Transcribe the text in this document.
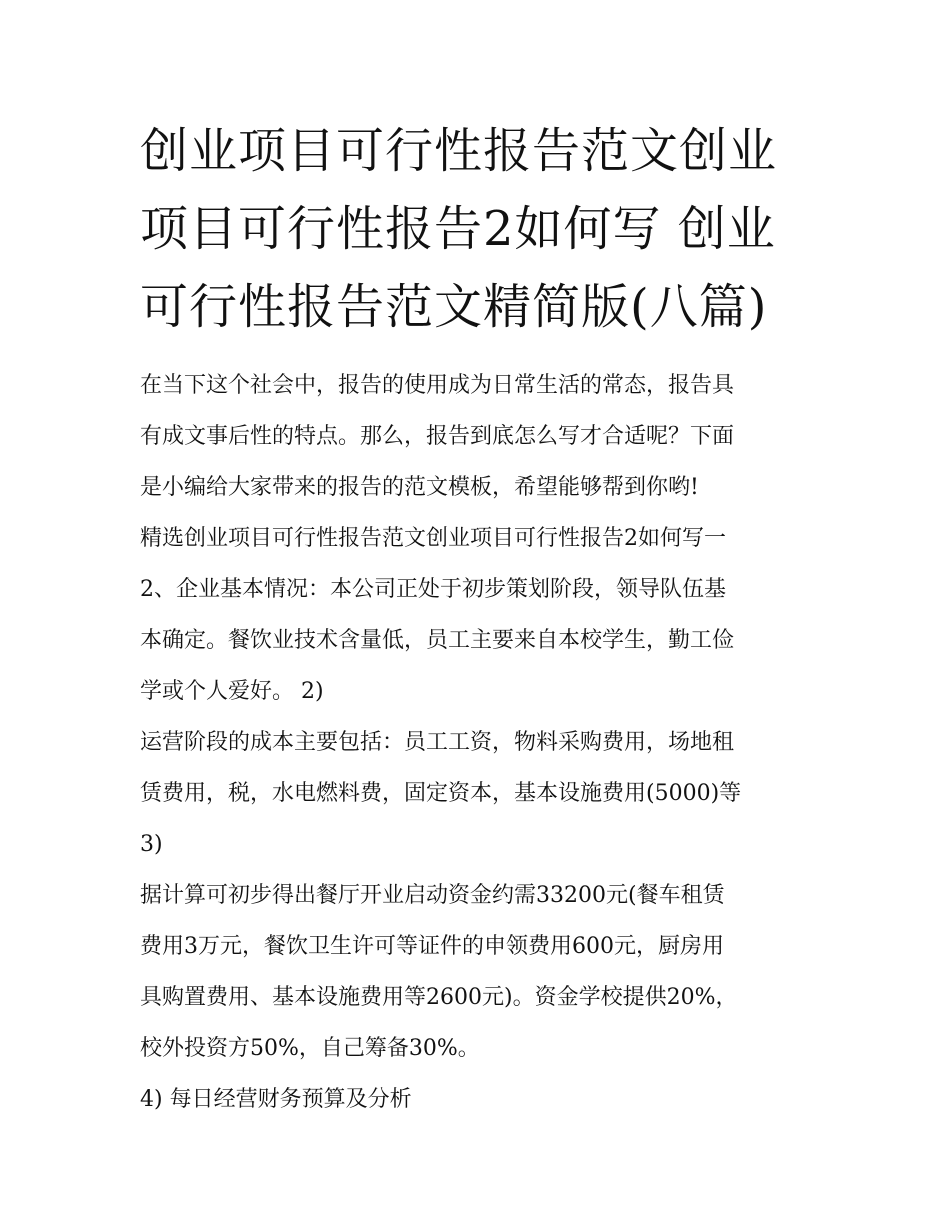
创业项目可行性报告范文创业
项目可行性报告2如何写 创业
可行性报告范文精简版(八篇)

在当下这个社会中，报告的使用成为日常生活的常态，报告具
有成文事后性的特点。那么，报告到底怎么写才合适呢？下面
是小编给大家带来的报告的范文模板，希望能够帮到你哟!

精选创业项目可行性报告范文创业项目可行性报告2如何写一

2、企业基本情况：本公司正处于初步策划阶段，领导队伍基
本确定。餐饮业技术含量低，员工主要来自本校学生，勤工俭
学或个人爱好。 2)

运营阶段的成本主要包括：员工工资，物料采购费用，场地租
赁费用，税，水电燃料费，固定资本，基本设施费用(5000)等
3)

据计算可初步得出餐厅开业启动资金约需33200元(餐车租赁
费用3万元，餐饮卫生许可等证件的申领费用600元，厨房用
具购置费用、基本设施费用等2600元)。资金学校提供20%，
校外投资方50%，自己筹备30%。

4) 每日经营财务预算及分析
